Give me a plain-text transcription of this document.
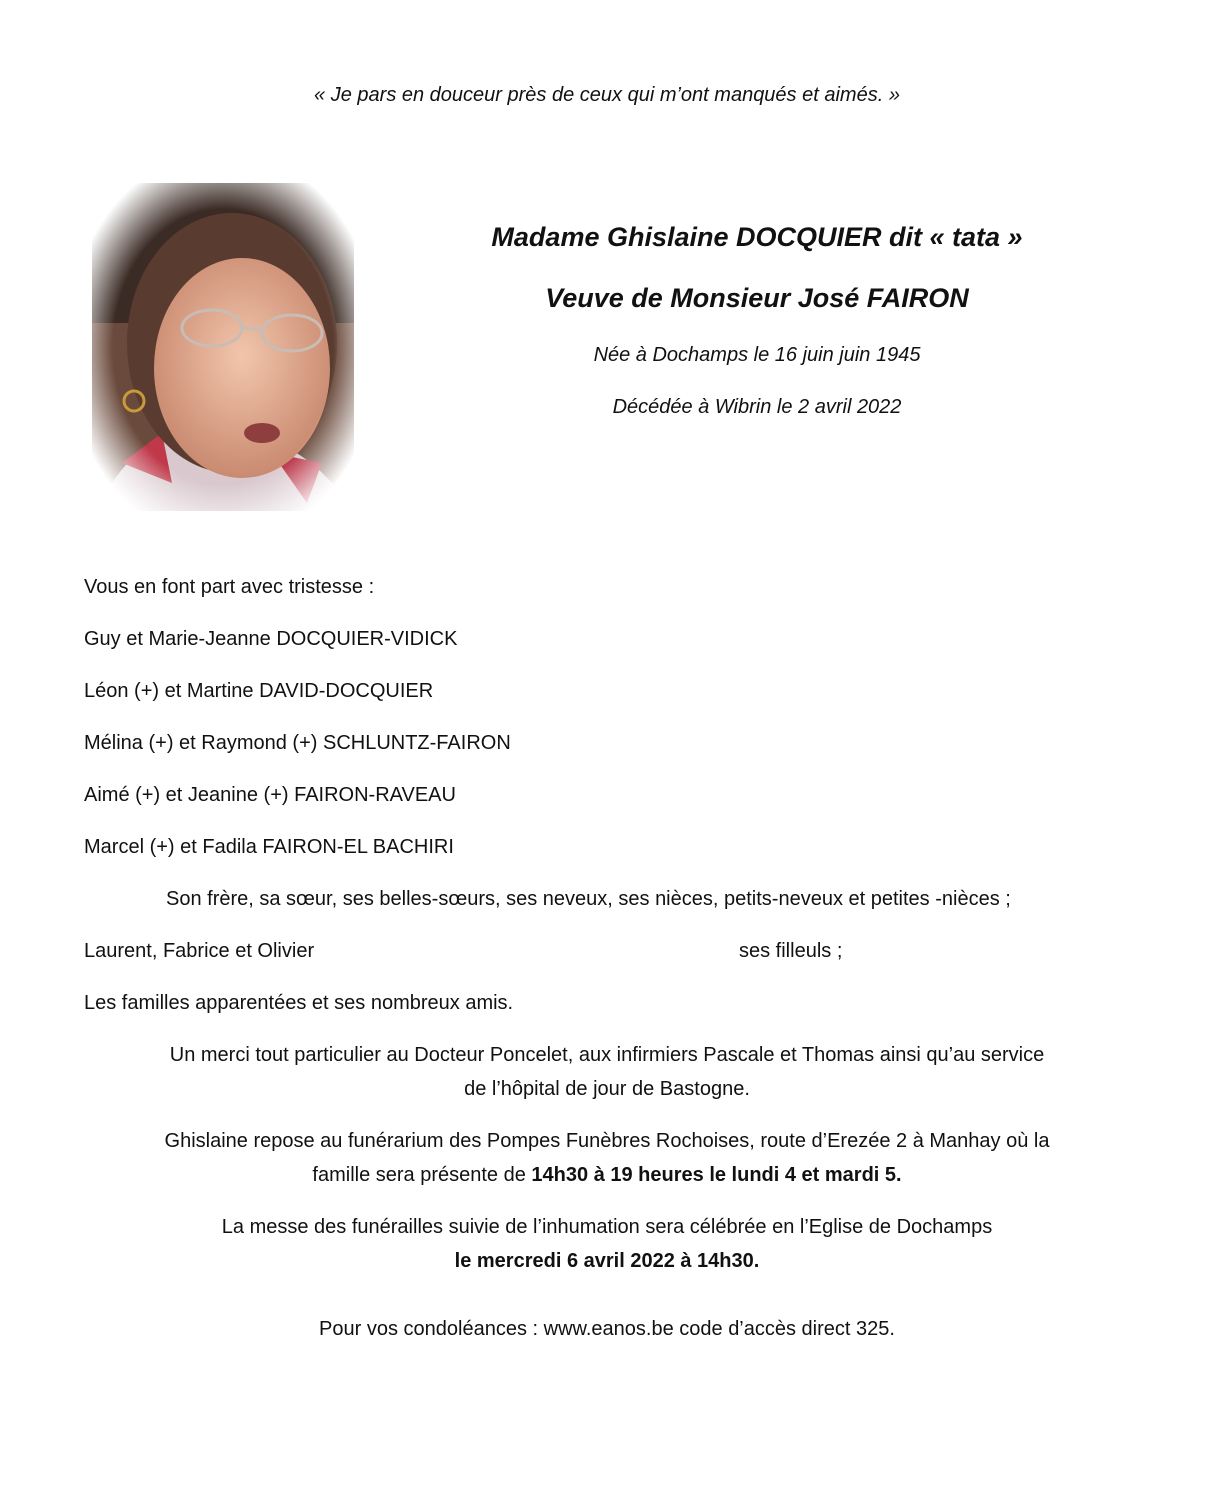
« Je pars en douceur près de ceux qui m’ont manqués et aimés. »
Madame Ghislaine DOCQUIER dit « tata »
Veuve de Monsieur José FAIRON
Née à Dochamps le 16 juin juin 1945
Décédée à Wibrin le 2 avril 2022
Vous en font part avec tristesse :
Guy et Marie-Jeanne DOCQUIER-VIDICK
Léon (+) et Martine DAVID-DOCQUIER
Mélina (+) et Raymond (+) SCHLUNTZ-FAIRON
Aimé (+) et Jeanine (+) FAIRON-RAVEAU
Marcel (+) et Fadila FAIRON-EL BACHIRI
Son frère, sa sœur, ses belles-sœurs, ses neveux, ses nièces, petits-neveux et petites -nièces ;
Laurent, Fabrice et Olivier	ses filleuls ;
Les familles apparentées et ses nombreux amis.
Un merci tout particulier au Docteur Poncelet, aux infirmiers Pascale et Thomas ainsi qu’au service
de l’hôpital de jour de Bastogne.
Ghislaine repose au funérarium des Pompes Funèbres Rochoises, route d’Erezée 2 à Manhay où la
famille sera présente de 14h30 à 19 heures le lundi 4 et mardi 5.
La messe des funérailles suivie de l’inhumation sera célébrée en l’Eglise de Dochamps
le mercredi 6 avril 2022 à 14h30.
Pour vos condoléances : www.eanos.be code d’accès direct 325.
